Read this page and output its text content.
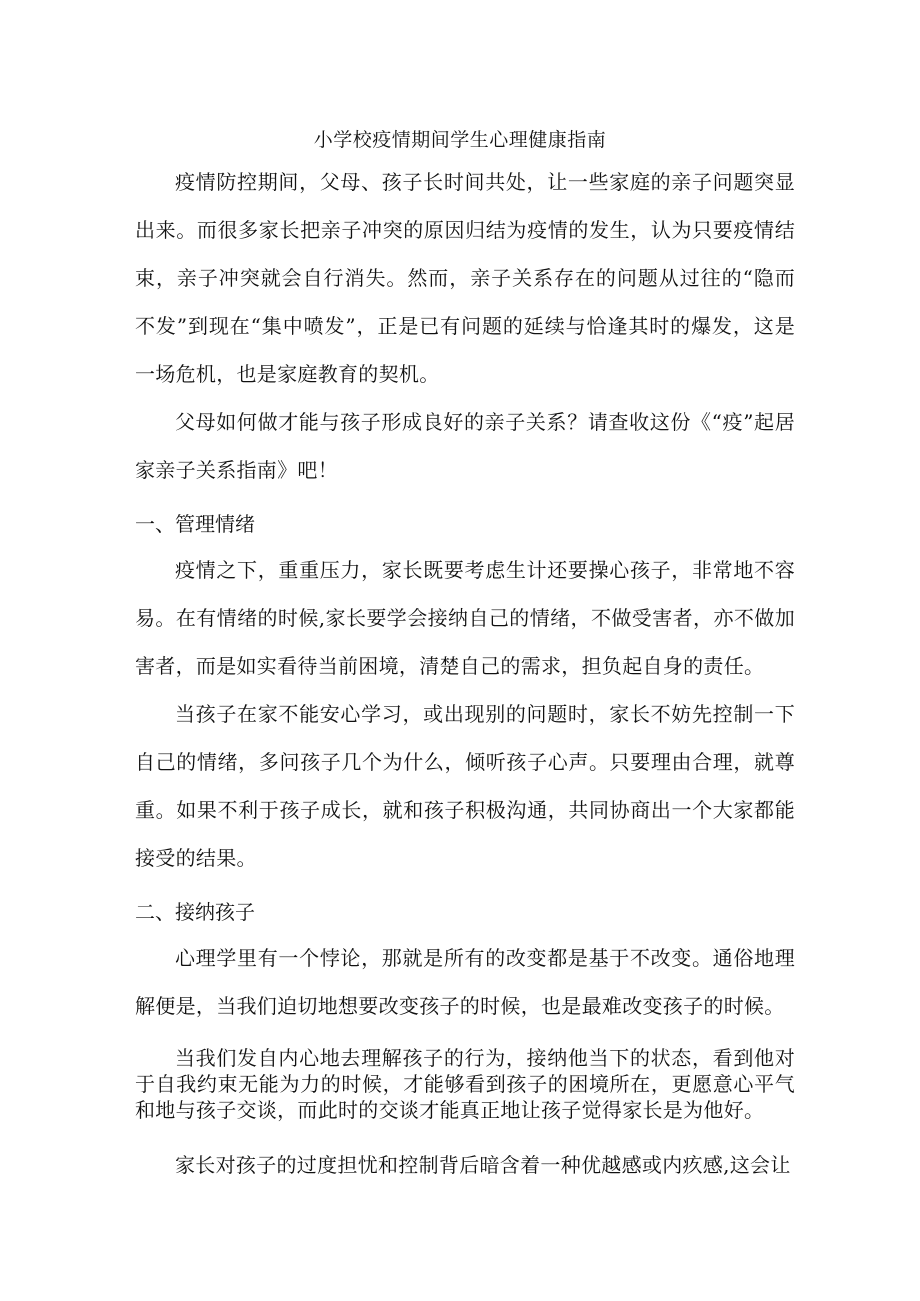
小学校疫情期间学生心理健康指南

疫情防控期间，父母、孩子长时间共处，让一些家庭的亲子问题突显出来。而很多家长把亲子冲突的原因归结为疫情的发生，认为只要疫情结束，亲子冲突就会自行消失。然而，亲子关系存在的问题从过往的“隐而不发”到现在“集中喷发”，正是已有问题的延续与恰逢其时的爆发，这是一场危机，也是家庭教育的契机。

父母如何做才能与孩子形成良好的亲子关系？请查收这份《“疫”起居家亲子关系指南》吧！

一、管理情绪

疫情之下，重重压力，家长既要考虑生计还要操心孩子，非常地不容易。在有情绪的时候,家长要学会接纳自己的情绪，不做受害者，亦不做加害者，而是如实看待当前困境，清楚自己的需求，担负起自身的责任。

当孩子在家不能安心学习，或出现别的问题时，家长不妨先控制一下自己的情绪，多问孩子几个为什么，倾听孩子心声。只要理由合理，就尊重。如果不利于孩子成长，就和孩子积极沟通，共同协商出一个大家都能接受的结果。

二、接纳孩子

心理学里有一个悖论，那就是所有的改变都是基于不改变。通俗地理解便是，当我们迫切地想要改变孩子的时候，也是最难改变孩子的时候。

当我们发自内心地去理解孩子的行为，接纳他当下的状态，看到他对于自我约束无能为力的时候，才能够看到孩子的困境所在，更愿意心平气和地与孩子交谈，而此时的交谈才能真正地让孩子觉得家长是为他好。

家长对孩子的过度担忧和控制背后暗含着一种优越感或内疚感,这会让
